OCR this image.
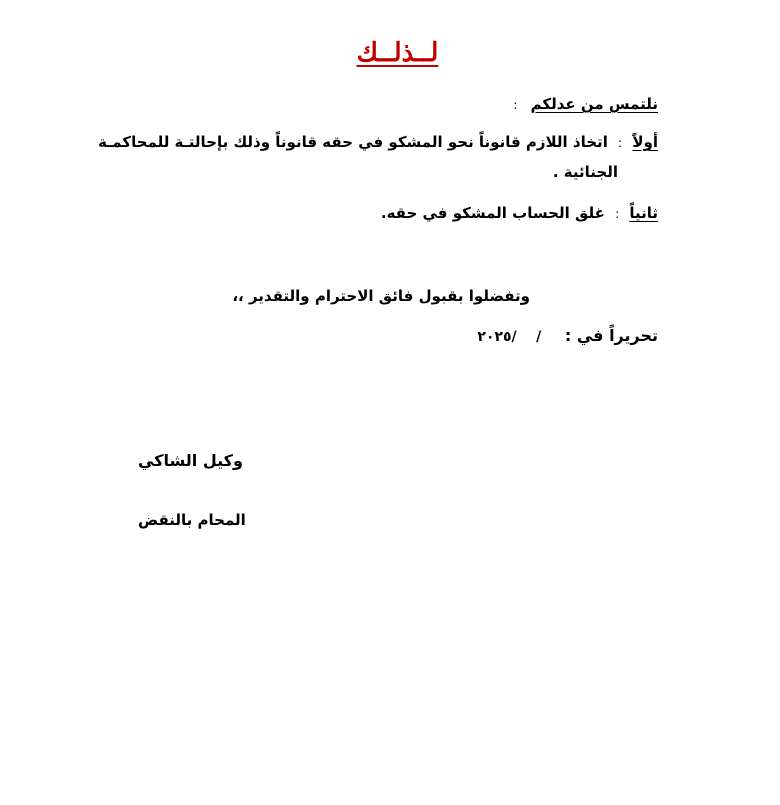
لــذلــك
نلتمس من عدلكم :
أولاً : اتخاذ اللازم قانوناً نحو المشكو في حقه قانوناً وذلك بإحالتـة للمحاكمـة
الجنائية .
ثانياً : غلق الحساب المشكو في حقه.
وتفضلوا بقبول فائق الاحترام والتقدير ،،
تحريراً في : /    /٢٠٢٥
وكيل الشاكي
المحام بالنقض
